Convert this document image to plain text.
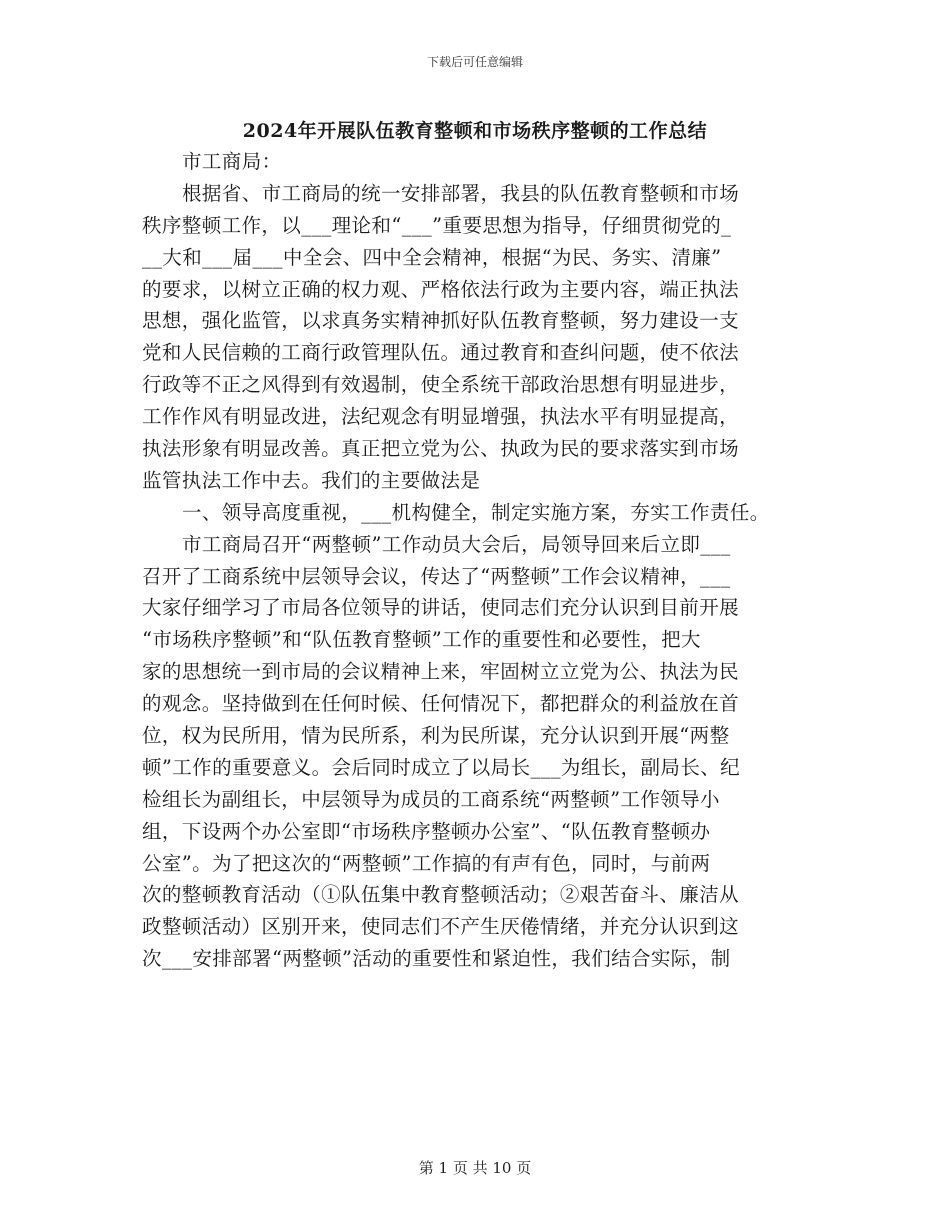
下载后可任意编辑
2024年开展队伍教育整顿和市场秩序整顿的工作总结
市工商局：
根据省、市工商局的统一安排部署，我县的队伍教育整顿和市场
秩序整顿工作，以___理论和“___”重要思想为指导，仔细贯彻党的_
__大和___届___中全会、四中全会精神，根据“为民、务实、清廉”
的要求，以树立正确的权力观、严格依法行政为主要内容，端正执法
思想，强化监管，以求真务实精神抓好队伍教育整顿，努力建设一支
党和人民信赖的工商行政管理队伍。通过教育和查纠问题，使不依法
行政等不正之风得到有效遏制，使全系统干部政治思想有明显进步，
工作作风有明显改进，法纪观念有明显增强，执法水平有明显提高，
执法形象有明显改善。真正把立党为公、执政为民的要求落实到市场
监管执法工作中去。我们的主要做法是
一、领导高度重视，___机构健全，制定实施方案，夯实工作责任。
市工商局召开“两整顿”工作动员大会后，局领导回来后立即___
召开了工商系统中层领导会议，传达了“两整顿”工作会议精神，___
大家仔细学习了市局各位领导的讲话，使同志们充分认识到目前开展
“市场秩序整顿”和“队伍教育整顿”工作的重要性和必要性，把大
家的思想统一到市局的会议精神上来，牢固树立立党为公、执法为民
的观念。坚持做到在任何时候、任何情况下，都把群众的利益放在首
位，权为民所用，情为民所系，利为民所谋，充分认识到开展“两整
顿”工作的重要意义。会后同时成立了以局长___为组长，副局长、纪
检组长为副组长，中层领导为成员的工商系统“两整顿”工作领导小
组，下设两个办公室即“市场秩序整顿办公室”、“队伍教育整顿办
公室”。为了把这次的“两整顿”工作搞的有声有色，同时，与前两
次的整顿教育活动（①队伍集中教育整顿活动；②艰苦奋斗、廉洁从
政整顿活动）区别开来，使同志们不产生厌倦情绪，并充分认识到这
次___安排部署“两整顿”活动的重要性和紧迫性，我们结合实际，制
第 1 页 共 10 页
